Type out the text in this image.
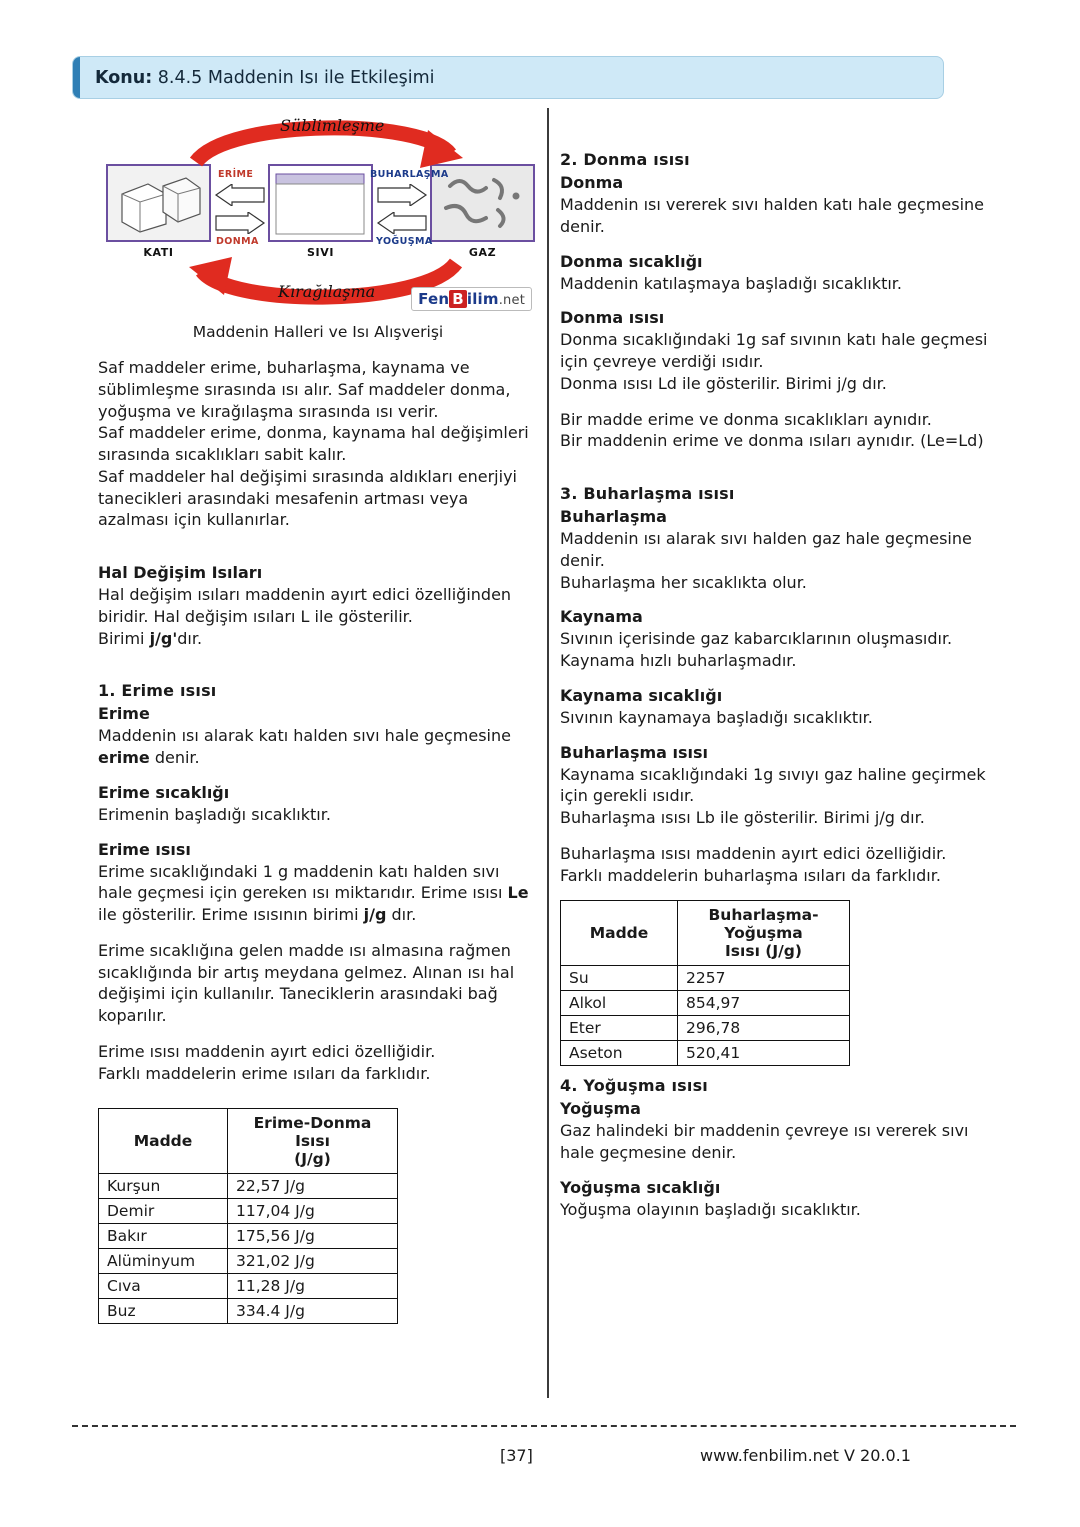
Konu: 8.4.5 Maddenin Isı ile Etkileşimi
KATI	SIVI	GAZ
ERİME
DONMA
BUHARLAŞMA
YOĞUŞMA
Süblimleşme
Kırağılaşma	Fen B ilim.net
Maddenin Halleri ve Isı Alışverişi

Saf maddeler erime, buharlaşma, kaynama ve süblimleşme sırasında ısı alır. Saf maddeler donma, yoğuşma ve kırağılaşma sırasında ısı verir.

Saf maddeler erime, donma, kaynama hal değişimleri sırasında sıcaklıkları sabit kalır.

Saf maddeler hal değişimi sırasında aldıkları enerjiyi tanecikleri arasındaki mesafenin artması veya azalması için kullanırlar.

Hal Değişim Isıları

Hal değişim ısıları maddenin ayırt edici özelliğinden biridir. Hal değişim ısıları L ile gösterilir.

Birimi j/g'dır.

1. Erime ısısı
Erime

Maddenin ısı alarak katı halden sıvı hale geçmesine erime denir.

Erime sıcaklığı

Erimenin başladığı sıcaklıktır.

Erime ısısı

Erime sıcaklığındaki 1 g maddenin katı halden sıvı hale geçmesi için gereken ısı miktarıdır. Erime ısısı Le ile gösterilir. Erime ısısının birimi j/g dır.

Erime sıcaklığına gelen madde ısı almasına rağmen sıcaklığında bir artış meydana gelmez. Alınan ısı hal değişimi için kullanılır. Taneciklerin arasındaki bağ koparılır.

Erime ısısı maddenin ayırt edici özelliğidir.

Farklı maddelerin erime ısıları da farklıdır.

Madde	Erime-Donma Isısı
(J/g)
Kurşun	22,57 J/g
Demir	117,04 J/g
Bakır	175,56 J/g
Alüminyum	321,02 J/g
Cıva	11,28 J/g
Buz	334.4 J/g
2. Donma ısısı
Donma

Maddenin ısı vererek sıvı halden katı hale geçmesine denir.

Donma sıcaklığı

Maddenin katılaşmaya başladığı sıcaklıktır.

Donma ısısı

Donma sıcaklığındaki 1g saf sıvının katı hale geçmesi için çevreye verdiği ısıdır.

Donma ısısı Ld ile gösterilir. Birimi j/g dır.

Bir madde erime ve donma sıcaklıkları aynıdır.

Bir maddenin erime ve donma ısıları aynıdır. (Le=Ld)

3. Buharlaşma ısısı
Buharlaşma

Maddenin ısı alarak sıvı halden gaz hale geçmesine denir.

Buharlaşma her sıcaklıkta olur.

Kaynama

Sıvının içerisinde gaz kabarcıklarının oluşmasıdır.

Kaynama hızlı buharlaşmadır.

Kaynama sıcaklığı

Sıvının kaynamaya başladığı sıcaklıktır.

Buharlaşma ısısı

Kaynama sıcaklığındaki 1g sıvıyı gaz haline geçirmek için gerekli ısıdır.

Buharlaşma ısısı Lb ile gösterilir. Birimi j/g dır.

Buharlaşma ısısı maddenin ayırt edici özelliğidir.

Farklı maddelerin buharlaşma ısıları da farklıdır.

Madde	Buharlaşma-Yoğuşma
Isısı (J/g)
Su	2257
Alkol	854,97
Eter	296,78
Aseton	520,41
4. Yoğuşma ısısı
Yoğuşma

Gaz halindeki bir maddenin çevreye ısı vererek sıvı hale geçmesine denir.

Yoğuşma sıcaklığı

Yoğuşma olayının başladığı sıcaklıktır.

[37]	www.fenbilim.net V 20.0.1
